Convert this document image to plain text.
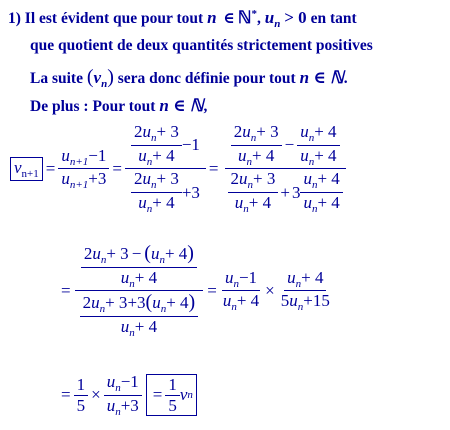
1) Il est évident que pour tout n ∈ ℕ*, $u_n > 0$ en tant
que quotient de deux quantités strictement positives
La suite $(v_n)$ sera donc définie pour tout n ∈ ℕ.
De plus : Pour tout n ∈ ℕ,
$v_{n+1} = \frac{u_{n+1}-1}{u_{n+1}+3} = \frac{\frac{2u_n+ 3}{u_n+ 4} -1}{\frac{2u_n+ 3}{u_n+ 4} +3} = \frac{\frac{2u_n+ 3}{u_n+ 4} - \frac{u_n+ 4}{u_n+ 4}}{\frac{2u_n+ 3}{u_n+ 4} + 3 \frac{u_n+ 4}{u_n+ 4}}$
= $\frac{\frac{2u_n+ 3 - (u_n+ 4)}{u_n+ 4}}{\frac{2u_n+ 3+3(u_n+ 4)}{u_n+ 4}} = \frac{u_n-1}{u_n+ 4} \times \frac{u_n+ 4}{5u_n+15}$
= $\frac{1}{5} \times \frac{u_n-1}{u_n+3} = \frac{1}{5}$ v n
